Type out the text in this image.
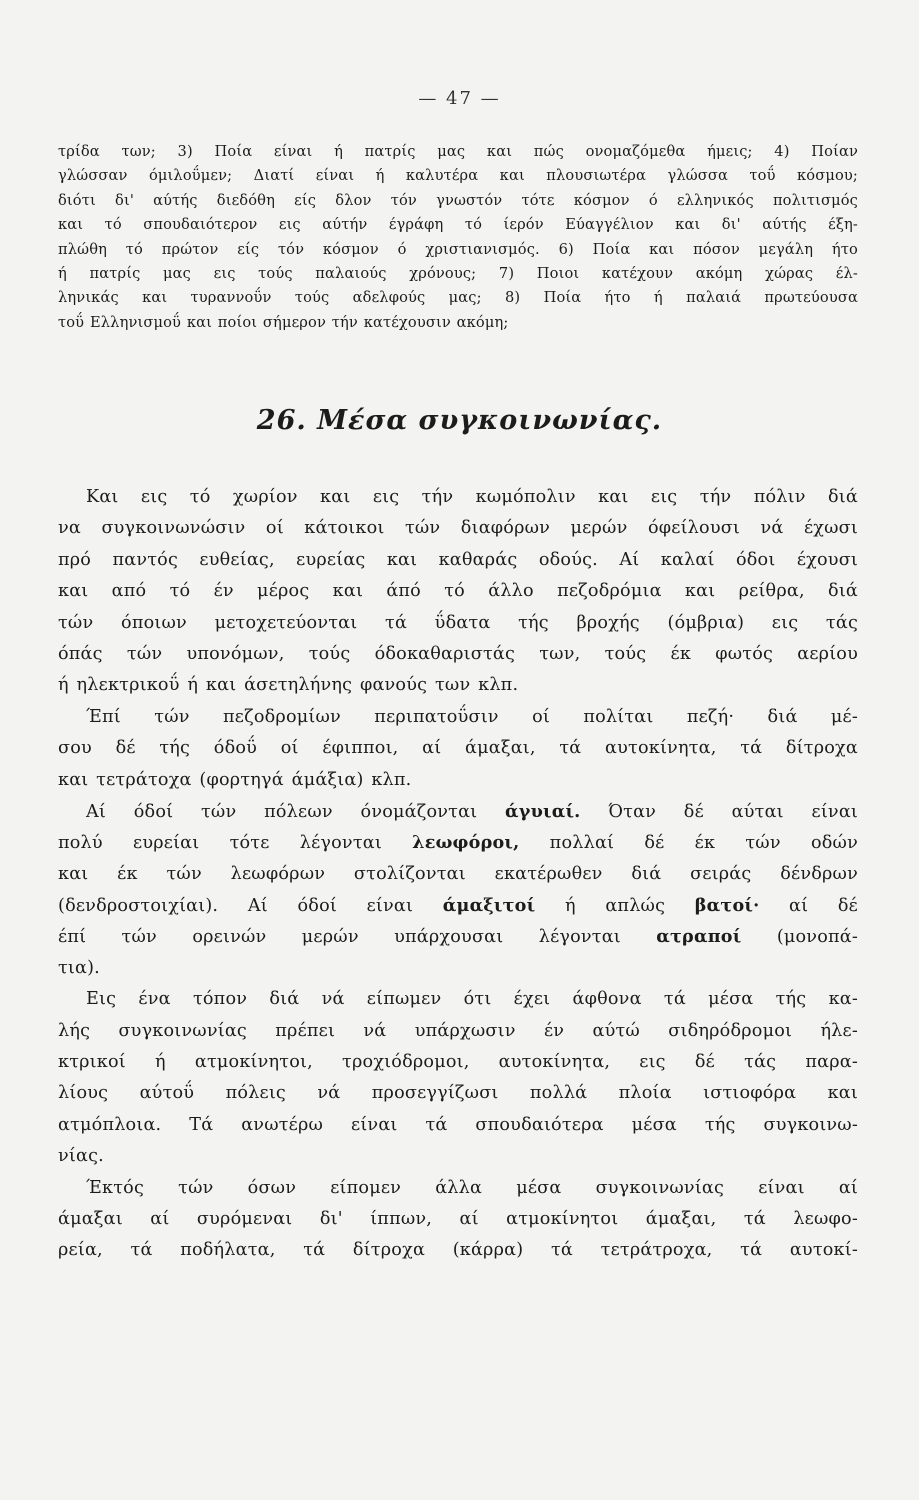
— 47 —
τρίδα των; 3) Ποία είναι ή πατρίς μας και πώς ονομαζόμεθα ήμεις; 4) Ποίαν
γλώσσαν όμιλοΰμεν; Διατί είναι ή καλυτέρα και πλουσιωτέρα γλώσσα τοΰ κόσμου;
διότι δι' αύτής διεδόθη είς δλον τόν γνωστόν τότε κόσμον ό ελληνικός πολιτισμός
και τό σπουδαιότερον εις αύτήν έγράφη τό ίερόν Εύαγγέλιον και δι' αύτής έξη-
πλώθη τό πρώτον είς τόν κόσμον ό χριστιανισμός. 6) Ποία και πόσον μεγάλη ήτο
ή πατρίς μας εις τούς παλαιούς χρόνους; 7) Ποιοι κατέχουν ακόμη χώρας έλ-
ληνικάς και τυραννοΰν τούς αδελφούς μας; 8) Ποία ήτο ή παλαιά πρωτεύουσα
τοΰ Ελληνισμοΰ και ποίοι σήμερον τήν κατέχουσιν ακόμη;
26. Μέσα συγκοινωνίας.
Και εις τό χωρίον και εις τήν κωμόπολιν και εις τήν πόλιν διά
να συγκοινωνώσιν οί κάτοικοι τών διαφόρων μερών όφείλουσι νά έχωσι
πρό παντός ευθείας, ευρείας και καθαράς οδούς. Αί καλαί όδοι έχουσι
και από τό έν μέρος και άπό τό άλλο πεζοδρόμια και ρείθρα, διά
τών όποιων μετοχετεύονται τά ΰδατα τής βροχής (όμβρια) εις τάς
όπάς τών υπονόμων, τούς όδοκαθαριστάς των, τούς έκ φωτός αερίου
ή ηλεκτρικοΰ ή και άσετηλήνης φανούς των κλπ.
Έπί τών πεζοδρομίων περιπατοΰσιν οί πολίται πεζή· διά μέ-
σου δέ τής όδοΰ οί έφιπποι, αί άμαξαι, τά αυτοκίνητα, τά δίτροχα
και τετράτοχα (φορτηγά άμάξια) κλπ.
Αί όδοί τών πόλεων όνομάζονται άγυιαί. Όταν δέ αύται είναι
πολύ ευρείαι τότε λέγονται λεωφόροι, πολλαί δέ έκ τών οδών
και έκ τών λεωφόρων στολίζονται εκατέρωθεν διά σειράς δένδρων
(δενδροστοιχίαι). Αί όδοί είναι άμαξιτοί ή απλώς βατοί· αί δέ
έπί τών ορεινών μερών υπάρχουσαι λέγονται ατραποί (μονοπά-
τια).
Εις ένα τόπον διά νά είπωμεν ότι έχει άφθονα τά μέσα τής κα-
λής συγκοινωνίας πρέπει νά υπάρχωσιν έν αύτώ σιδηρόδρομοι ήλε-
κτρικοί ή ατμοκίνητοι, τροχιόδρομοι, αυτοκίνητα, εις δέ τάς παρα-
λίους αύτοΰ πόλεις νά προσεγγίζωσι πολλά πλοία ιστιοφόρα και
ατμόπλοια. Τά ανωτέρω είναι τά σπουδαιότερα μέσα τής συγκοινω-
νίας.
Έκτός τών όσων είπομεν άλλα μέσα συγκοινωνίας είναι αί
άμαξαι αί συρόμεναι δι' ίππων, αί ατμοκίνητοι άμαξαι, τά λεωφο-
ρεία, τά ποδήλατα, τά δίτροχα (κάρρα) τά τετράτροχα, τά αυτοκί-
